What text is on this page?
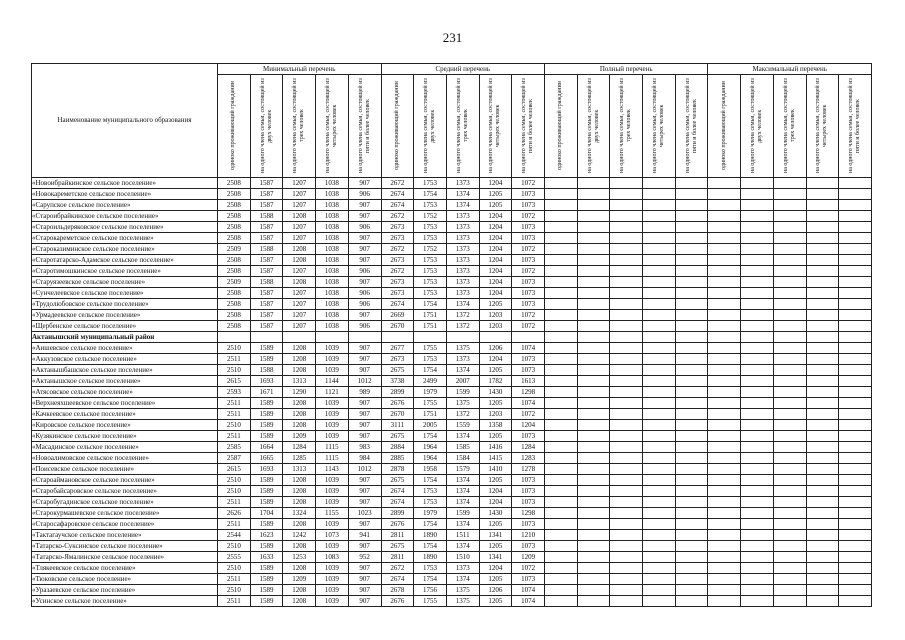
231
Наименование муниципального образования	Минимальный перечень					Средний перечень					Полный перечень					Максимальный перечень				

	одиноко проживающий гражданин	на одного члена семьи, состоящей из двух человек	на одного члена семьи, состоящей из трех человек	на одного члена семьи, состоящей из четырех человек	на одного члена семьи, состоящей из пяти и более человек	одиноко проживающий гражданин	на одного члена семьи, состоящей из двух человек	на одного члена семьи, состоящей из трех человек	на одного члена семьи, состоящей из четырех человек	на одного члена семьи, состоящей из пяти и более человек	одиноко проживающий гражданин	на одного члена семьи, состоящей из двух человек	на одного члена семьи, состоящей из трех человек	на одного члена семьи, состоящей из четырех человек	на одного члена семьи, состоящей из пяти и более человек	одиноко проживающий гражданин	на одного члена семьи, состоящей из двух человек	на одного члена семьи, состоящей из трех человек	на одного члена семьи, состоящей из четырех человек	на одного члена семьи, состоящей из пяти и более человек

«Новоибрайкинское сельское поселение»	2508	1587	1207	1038	907	2672	1753	1373	1204	1072										
«Новокареметское сельское поселение»	2508	1587	1207	1038	906	2674	1754	1374	1205	1073										
«Сарупское сельское поселение»	2508	1587	1207	1038	907	2674	1753	1374	1205	1073										
«Староибрайкинское сельское поселение»	2508	1588	1208	1038	907	2672	1752	1373	1204	1072										
«Староильдеряковское сельское поселение»	2508	1587	1207	1038	906	2673	1753	1373	1204	1073										
«Старокареметское сельское поселение»	2508	1587	1207	1038	907	2673	1753	1373	1204	1073										
«Староказиминское сельское поселение»	2509	1588	1208	1038	907	2672	1752	1373	1204	1072										
«Старотатарско-Адамское сельское поселение»	2508	1587	1208	1038	907	2673	1753	1373	1204	1073										
«Старотимошкинское сельское поселение»	2508	1587	1207	1038	906	2672	1753	1373	1204	1072										
«Старуязеевское сельское поселение»	2509	1588	1208	1038	907	2673	1753	1373	1204	1073										
«Сунчелеевское сельское поселение»	2508	1587	1207	1038	906	2673	1753	1373	1204	1073										
«Трудолюбовское сельское поселение»	2508	1587	1207	1038	906	2674	1754	1374	1205	1073										
«Урмадеевское сельское поселение»	2508	1587	1207	1038	907	2669	1751	1372	1203	1072										
«Щербенское сельское поселение»	2508	1587	1207	1038	906	2670	1751	1372	1203	1072										
Актанышский муниципальный район																				
«Аишевское сельское поселение»	2510	1589	1208	1039	907	2677	1755	1375	1206	1074										
«Аккузовское сельское поселение»	2511	1589	1208	1039	907	2673	1753	1373	1204	1073										
«Актанышбашское сельское поселение»	2510	1588	1208	1039	907	2675	1754	1374	1205	1073										
«Актанышское сельское поселение»	2615	1693	1313	1144	1012	3738	2499	2007	1782	1613										
«Атясовское сельское поселение»	2593	1671	1290	1121	989	2899	1979	1599	1430	1298										
«Верхнеяхшеевское сельское поселение»	2511	1589	1208	1039	907	2676	1755	1375	1205	1074										
«Качкеевское сельское поселение»	2511	1589	1208	1039	907	2670	1751	1372	1203	1072										
«Кировское сельское поселение»	2510	1589	1208	1039	907	3111	2005	1559	1358	1204										
«Кузякинское сельское поселение»	2511	1589	1209	1039	907	2675	1754	1374	1205	1073										
«Масадинское сельское поселение»	2585	1664	1284	1115	983	2884	1964	1585	1416	1284										
«Новоалимовское сельское поселение»	2587	1665	1285	1115	984	2885	1964	1584	1415	1283										
«Поисевское сельское поселение»	2615	1693	1313	1143	1012	2878	1958	1579	1410	1278										
«Староаймановское сельское поселение»	2510	1589	1208	1039	907	2675	1754	1374	1205	1073										
«Старобайсаровское сельское поселение»	2510	1589	1208	1039	907	2674	1753	1374	1204	1073										
«Старобугадинское сельское поселение»	2511	1589	1208	1039	907	2674	1753	1374	1204	1073										
«Старокурмашевское сельское поселение»	2626	1704	1324	1155	1023	2899	1979	1599	1430	1298										
«Старосафаровское сельское поселение»	2511	1589	1208	1039	907	2676	1754	1374	1205	1073										
«Тактагаучское сельское поселение»	2544	1623	1242	1073	941	2811	1890	1511	1341	1210										
«Татарско-Суксинское сельское поселение»	2510	1589	1208	1039	907	2675	1754	1374	1205	1073										
«Татарско-Ямалинское сельское поселение»	2555	1633	1253	1083	952	2811	1890	1510	1341	1209										
«Тлякеевское сельское поселение»	2510	1589	1208	1039	907	2672	1753	1373	1204	1072										
«Тюковское сельское поселение»	2511	1589	1209	1039	907	2674	1754	1374	1205	1073										
«Уразаевское сельское поселение»	2510	1589	1208	1039	907	2678	1756	1375	1206	1074										
«Усинское сельское поселение»	2511	1589	1208	1039	907	2676	1755	1375	1205	1074										
